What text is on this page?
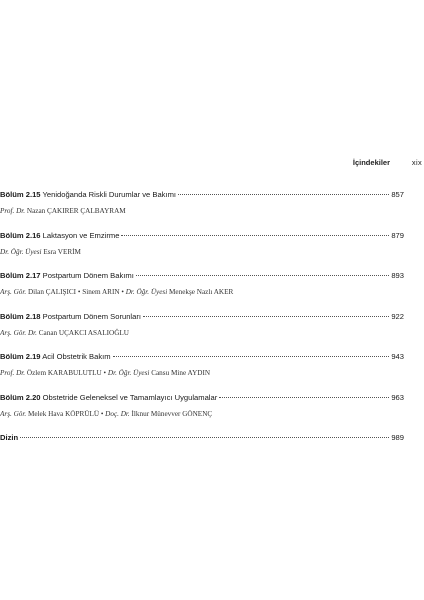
İçindekiler	xix
Bölüm 2.15 Yenidoğanda Riskli Durumlar ve Bakımı	857
Prof. Dr. Nazan ÇAKIRER ÇALBAYRAM
Bölüm 2.16 Laktasyon ve Emzirme	879
Dr. Öğr. Üyesi Esra VERİM
Bölüm 2.17 Postpartum Dönem Bakımı	893
Arş. Gör. Dilan ÇALIŞICI • Sinem ARIN • Dr. Öğr. Üyesi Menekşe Nazlı AKER
Bölüm 2.18 Postpartum Dönem Sorunları	922
Arş. Gör. Dr. Canan UÇAKCI ASALIOĞLU
Bölüm 2.19 Acil Obstetrik Bakım	943
Prof. Dr. Özlem KARABULUTLU • Dr. Öğr. Üyesi Cansu Mine AYDIN
Bölüm 2.20 Obstetride Geleneksel ve Tamamlayıcı Uygulamalar	963
Arş. Gör. Melek Hava KÖPRÜLÜ • Doç. Dr. İlknur Münevver GÖNENÇ
Dizin	989
